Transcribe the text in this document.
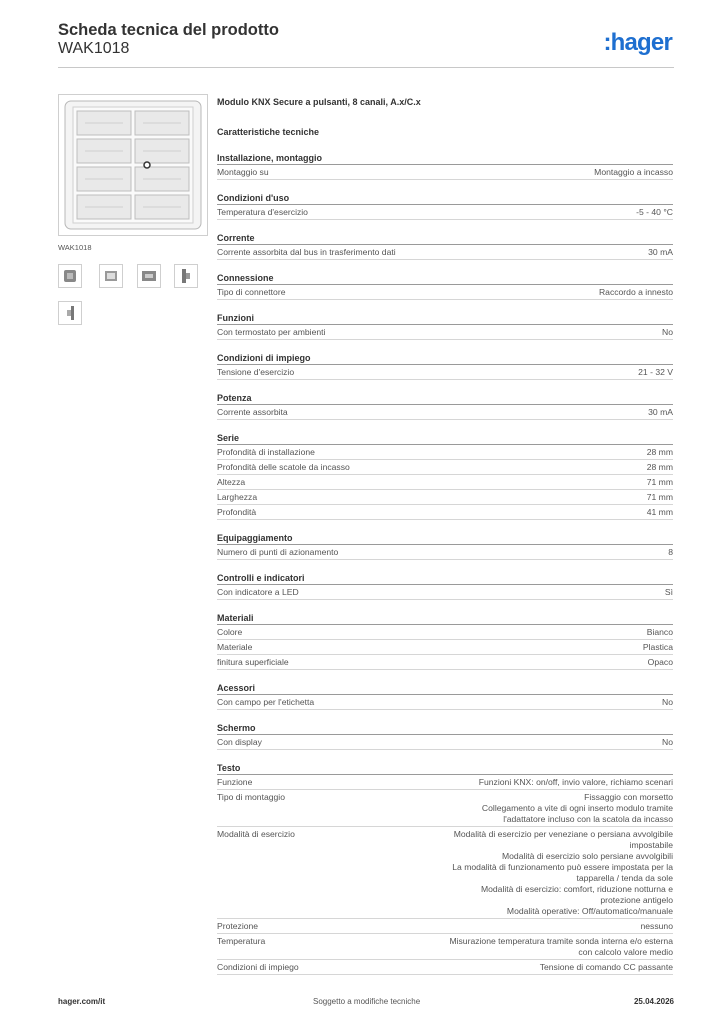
Scheda tecnica del prodotto
WAK1018	:hager
WAK1018
Modulo KNX Secure a pulsanti, 8 canali, A.x/C.x
Caratteristiche tecniche
Installazione, montaggio
Montaggio su	Montaggio a incasso
Condizioni d'uso
Temperatura d'esercizio	-5 - 40 °C
Corrente
Corrente assorbita dal bus in trasferimento dati	30 mA
Connessione
Tipo di connettore	Raccordo a innesto
Funzioni
Con termostato per ambienti	No
Condizioni di impiego
Tensione d'esercizio	21 - 32 V
Potenza
Corrente assorbita	30 mA
Serie
Profondità di installazione	28 mm
Profondità delle scatole da incasso	28 mm
Altezza	71 mm
Larghezza	71 mm
Profondità	41 mm
Equipaggiamento
Numero di punti di azionamento	8
Controlli e indicatori
Con indicatore a LED	Sì
Materiali
Colore	Bianco
Materiale	Plastica
finitura superficiale	Opaco
Acessori
Con campo per l'etichetta	No
Schermo
Con display	No
Testo
Funzione	Funzioni KNX: on/off, invio valore, richiamo scenari
Tipo di montaggio	Fissaggio con morsetto
Collegamento a vite di ogni inserto modulo tramite
l'adattatore incluso con la scatola da incasso
Modalità di esercizio	Modalità di esercizio per veneziane o persiana avvolgibile
impostabile
Modalità di esercizio solo persiane avvolgibili
La modalità di funzionamento può essere impostata per la
tapparella / tenda da sole
Modalità di esercizio: comfort, riduzione notturna e
protezione antigelo
Modalità operative: Off/automatico/manuale
Protezione	nessuno
Temperatura	Misurazione temperatura tramite sonda interna e/o esterna
con calcolo valore medio
Condizioni di impiego	Tensione di comando CC passante
hager.com/it	Soggetto a modifiche tecniche	25.04.2026
